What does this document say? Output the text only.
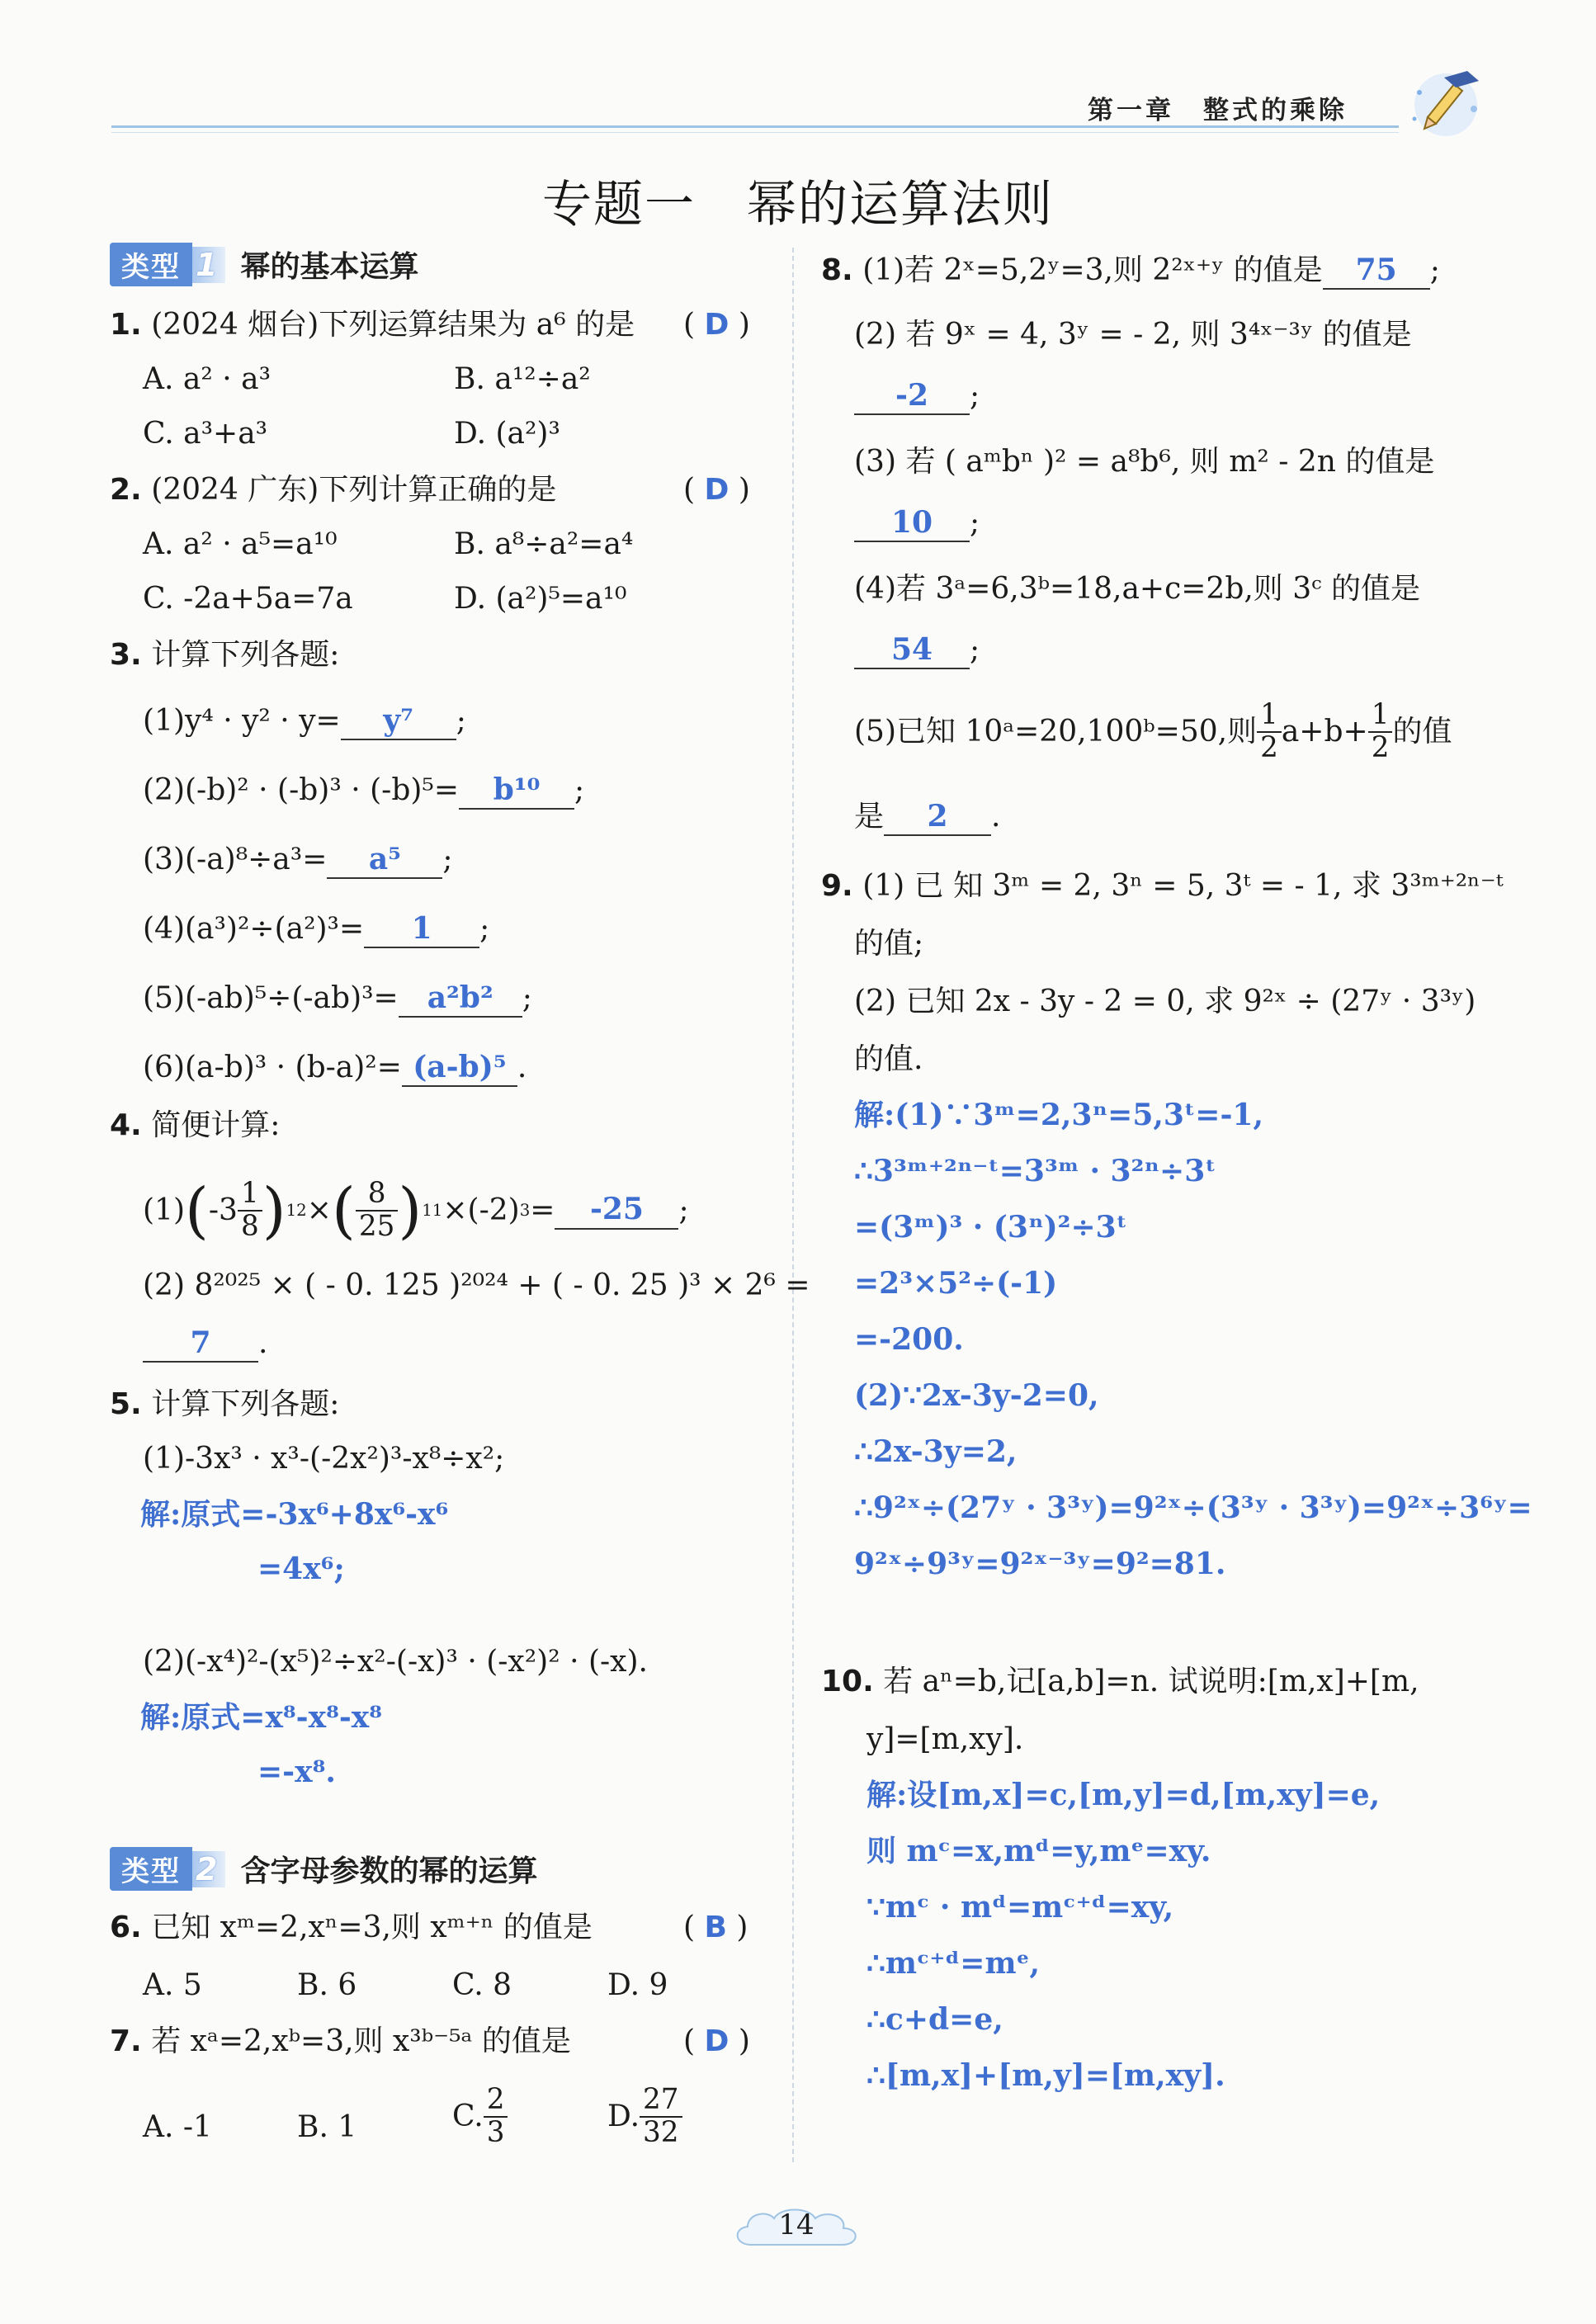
第一章　整式的乘除
专题一　幂的运算法则
类型 1 幂的基本运算
1. (2024 烟台)下列运算结果为 a⁶ 的是 ( D )
A. a² · a³	B. a¹²÷a²
C. a³+a³	D. (a²)³
2. (2024 广东)下列计算正确的是	( D )
A. a² · a⁵=a¹⁰	B. a⁸÷a²=a⁴
C. -2a+5a=7a	D. (a²)⁵=a¹⁰
3. 计算下列各题:
(1)y⁴ · y² · y= y⁷ ;
(2)(-b)² · (-b)³ · (-b)⁵= b¹⁰ ;
(3)(-a)⁸÷a³= a⁵ ;
(4)(a³)²÷(a²)³= 1 ;
(5)(-ab)⁵÷(-ab)³= a²b² ;
(6)(a-b)³ · (b-a)²= (a-b)⁵ .
4. 简便计算:
(1) ( $-3 \frac{1}{8}$ ) 12 × ( $\frac{8}{25}$ ) 11 ×(-2) 3 =	-25	;
(2) 8²⁰²⁵ × ( - 0. 125 )²⁰²⁴ + ( - 0. 25 )³ × 2⁶ =
7 .
5. 计算下列各题:
(1)-3x³ · x³-(-2x²)³-x⁸÷x²;
解:原式=-3x⁶+8x⁶-x⁶
=4x⁶;
(2)(-x⁴)²-(x⁵)²÷x²-(-x)³ · (-x²)² · (-x).
解:原式=x⁸-x⁸-x⁸
=-x⁸.
类型 2 含字母参数的幂的运算
6. 已知 xᵐ=2,xⁿ=3,则 xᵐ⁺ⁿ 的值是	( B )
A. 5	B. 6	C. 8	D. 9
7. 若 xᵃ=2,xᵇ=3,则 x³ᵇ⁻⁵ᵃ 的值是	( D )
A. -1	B. 1	C. $\frac{2}{3}$	D. $\frac{27}{32}$
8. (1)若 2ˣ=5,2ʸ=3,则 2²ˣ⁺ʸ 的值是 75 ;
(2) 若 9ˣ = 4, 3ʸ = - 2, 则 3⁴ˣ⁻³ʸ 的值是
-2 ;
(3) 若 ( aᵐbⁿ )² = a⁸b⁶, 则 m² - 2n 的值是
10 ;
(4)若 3ᵃ=6,3ᵇ=18,a+c=2b,则 3ᶜ 的值是
54 ;
(5)已知 10ᵃ=20,100ᵇ=50,则 $\frac{1}{2} a+b+ \frac{1}{2}$ 的值
是 2 .
9. (1) 已 知 3ᵐ = 2, 3ⁿ = 5, 3ᵗ = - 1, 求 3³ᵐ⁺²ⁿ⁻ᵗ
的值;
(2) 已知 2x - 3y - 2 = 0, 求 9²ˣ ÷ (27ʸ · 3³ʸ)
的值.
解:(1)∵3ᵐ=2,3ⁿ=5,3ᵗ=-1,
∴3³ᵐ⁺²ⁿ⁻ᵗ=3³ᵐ · 3²ⁿ÷3ᵗ
=(3ᵐ)³ · (3ⁿ)²÷3ᵗ
=2³×5²÷(-1)
=-200.
(2)∵2x-3y-2=0,
∴2x-3y=2,
∴9²ˣ÷(27ʸ · 3³ʸ)=9²ˣ÷(3³ʸ · 3³ʸ)=9²ˣ÷3⁶ʸ=
9²ˣ÷9³ʸ=9²ˣ⁻³ʸ=9²=81.
10. 若 aⁿ=b,记[a,b]=n. 试说明:[m,x]+[m,
y]=[m,xy].
解:设[m,x]=c,[m,y]=d,[m,xy]=e,
则 mᶜ=x,mᵈ=y,mᵉ=xy.
∵mᶜ · mᵈ=mᶜ⁺ᵈ=xy,
∴mᶜ⁺ᵈ=mᵉ,
∴c+d=e,
∴[m,x]+[m,y]=[m,xy].
14
